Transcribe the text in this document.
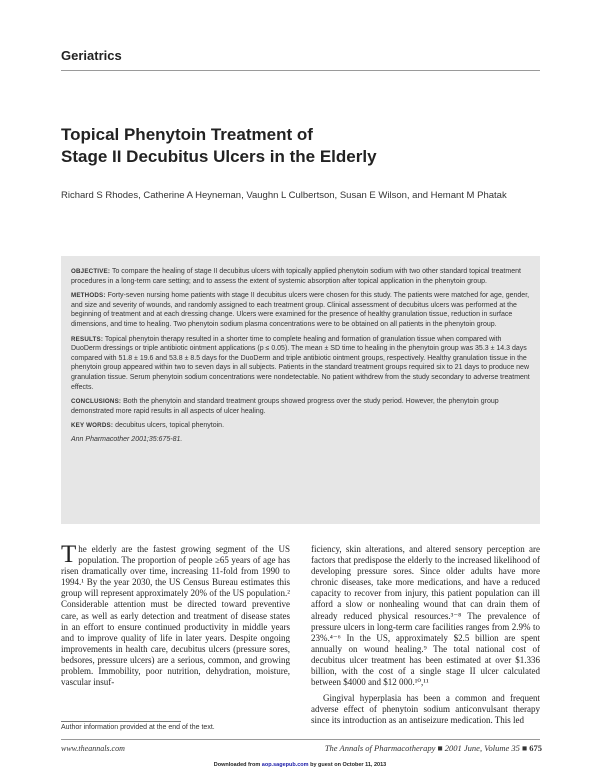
Geriatrics
Topical Phenytoin Treatment of
Stage II Decubitus Ulcers in the Elderly
Richard S Rhodes, Catherine A Heyneman, Vaughn L Culbertson, Susan E Wilson, and Hemant M Phatak

OBJECTIVE: To compare the healing of stage II decubitus ulcers with topically applied phenytoin sodium with two other standard topical treatment procedures in a long-term care setting; and to assess the extent of systemic absorption after topical application in the phenytoin group.

METHODS: Forty-seven nursing home patients with stage II decubitus ulcers were chosen for this study. The patients were matched for age, gender, and size and severity of wounds, and randomly assigned to each treatment group. Clinical assessment of decubitus ulcers was performed at the beginning of treatment and at each dressing change. Ulcers were examined for the presence of healthy granulation tissue, reduction in surface dimensions, and time to healing. Two phenytoin sodium plasma concentrations were to be obtained on all patients in the phenytoin group.

RESULTS: Topical phenytoin therapy resulted in a shorter time to complete healing and formation of granulation tissue when compared with DuoDerm dressings or triple antibiotic ointment applications (p ≤ 0.05). The mean ± SD time to healing in the phenytoin group was 35.3 ± 14.3 days compared with 51.8 ± 19.6 and 53.8 ± 8.5 days for the DuoDerm and triple antibiotic ointment groups, respectively. Healthy granulation tissue in the phenytoin group appeared within two to seven days in all subjects. Patients in the standard treatment groups required six to 21 days to produce new granulation tissue. Serum phenytoin sodium concentrations were nondetectable. No patient withdrew from the study secondary to adverse treatment effects.

CONCLUSIONS: Both the phenytoin and standard treatment groups showed progress over the study period. However, the phenytoin group demonstrated more rapid results in all aspects of ulcer healing.

KEY WORDS: decubitus ulcers, topical phenytoin.

Ann Pharmacother 2001;35:675-81.

The elderly are the fastest growing segment of the US population. The proportion of people ≥65 years of age has risen dramatically over time, increasing 11-fold from 1990 to 1994.¹ By the year 2030, the US Census Bureau estimates this group will represent approximately 20% of the US population.² Considerable attention must be directed toward preventive care, as well as early detection and treatment of disease states in an effort to ensure continued productivity in middle years and to improve quality of life in later years. Despite ongoing improvements in health care, decubitus ulcers (pressure sores, bedsores, pressure ulcers) are a serious, common, and growing problem. Immobility, poor nutrition, dehydration, moisture, vascular insuf-

ficiency, skin alterations, and altered sensory perception are factors that predispose the elderly to the increased likelihood of developing pressure sores. Since older adults have more chronic diseases, take more medications, and have a reduced capacity to recover from injury, this patient population can ill afford a slow or nonhealing wound that can drain them of already reduced physical resources.³⁻⁸ The prevalence of pressure ulcers in long-term care facilities ranges from 2.9% to 23%.⁴⁻⁶ In the US, approximately $2.5 billion are spent annually on wound healing.⁹ The total national cost of decubitus ulcer treatment has been estimated at over $1.336 billion, with the cost of a single stage II ulcer calculated between $4000 and $12 000.¹⁰,¹¹

Gingival hyperplasia has been a common and frequent adverse effect of phenytoin sodium anticonvulsant therapy since its introduction as an antiseizure medication. This led

Author information provided at the end of the text.
www.theannals.com	The Annals of Pharmacotherapy ■ 2001 June, Volume 35 ■ 675
Downloaded from aop.sagepub.com by guest on October 11, 2013
